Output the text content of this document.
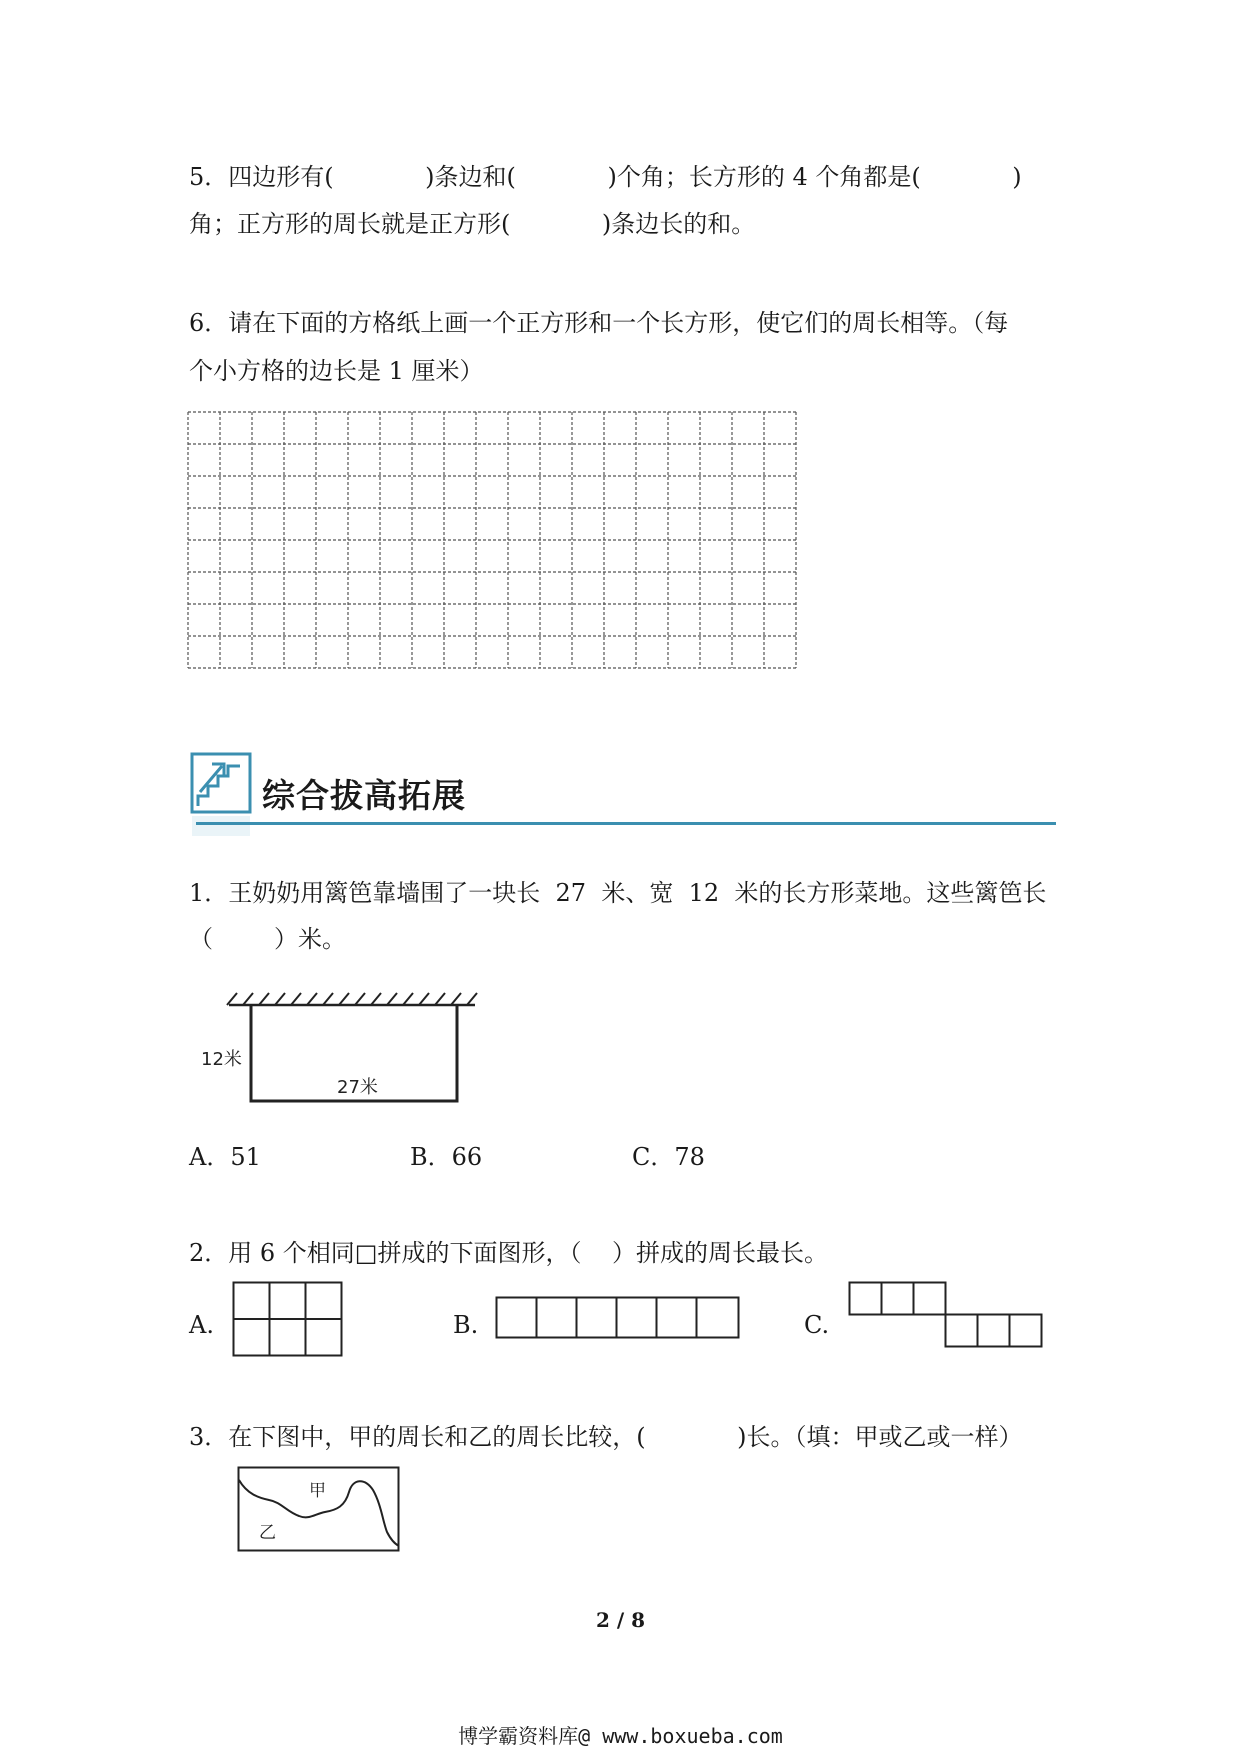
5．四边形有(            )条边和(            )个角；长方形的 4 个角都是(            )
角；正方形的周长就是正方形(            )条边长的和。
6．请在下面的方格纸上画一个正方形和一个长方形，使它们的周长相等。（每
个小方格的边长是 1 厘米）
综合拔高拓展
1．王奶奶用篱笆靠墙围了一块长  27  米、宽  12  米的长方形菜地。这些篱笆长
（        ）米。
12米
27米
A．51	B．66	C．78
2．用 6 个相同□拼成的下面图形，（    ）拼成的周长最长。
A.	B.	C.
3．在下图中，甲的周长和乙的周长比较，(            )长。（填：甲或乙或一样）
甲
乙
2 / 8
博学霸资料库@ www.boxueba.com
